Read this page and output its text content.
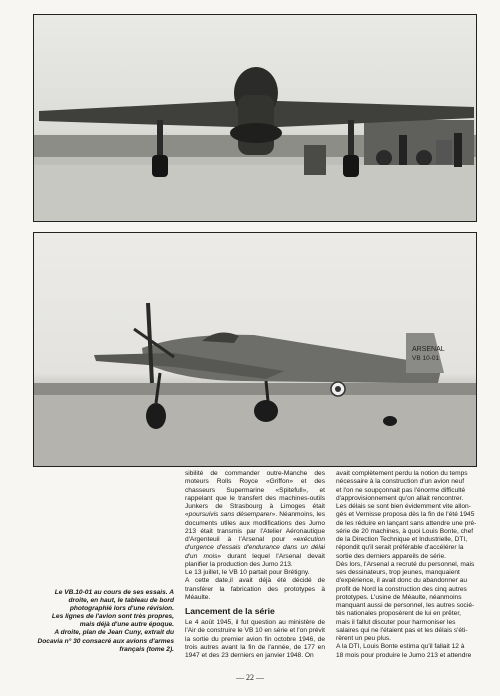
ARSENAL
VB 10-01

Le VB.10-01 au cours de ses essais. A

droite, en haut, le tableau de bord

photographié lors d'une révision.

Les lignes de l'avion sont très propres,

mais déjà d'une autre époque.

A droite, plan de Jean Cuny, extrait du

Docavia n° 30 consacré aux avions d'armes

français (tome 2).

sibilité de commander outre-Manche des moteurs Rolls Royce «Griffon» et des chasseurs Supermarine «Spitefull», et rappelant que le transfert des machines-outils Junkers de Strasbourg à Limoges était «poursuivis sans désemparer». Néanmoins, les documents utiles aux modifications des Jumo 213 était transmis par l'Atelier Aéronautique d'Argenteuil à l'Arsenal pour «exécution d'urgence d'essais d'endurance dans un délai d'un mois» durant lequel l'Arsenal devait planifier la production des Jumo 213.

Le 13 juillet, le VB 10 partait pour Brétigny.

A cette date,il avait déjà été décidé de transférer la fabrication des prototypes à Méaulte.

Lancement de la série

Le 4 août 1945, il fut question au ministère de l'Air de construire le VB 10 en série et l'on prévit la sortie du premier avion fin octobre 1946, de trois autres avant la fin de l'année, de 177 en 1947 et des 23 derniers en janvier 1948. On

avait complètement perdu la notion du temps

nécessaire à la construction d'un avion neuf

et l'on ne soupçonnait pas l'énorme difficulté

d'approvisionnement qu'on allait rencontrer.

Les délais se sont bien évidemment vite allon-

gés et Vernisse proposa dès la fin de l'été 1945

de les réduire en lançant sans attendre une pré-

série de 20 machines, à quoi Louis Bonte, chef

de la Direction Technique et Industrielle, DTI,

répondit qu'il serait préférable d'accélérer la

sortie des derniers appareils de série.

Dès lors, l'Arsenal a recruté du personnel, mais

ses dessinateurs, trop jeunes, manquaient

d'expérience, il avait donc du abandonner au

profit de Nord la construction des cinq autres

prototypes. L'usine de Méaulte, néanmoins

manquant aussi de personnel, les autres socié-

tés nationales proposèrent de lui en prêter,

mais il fallut discuter pour harmoniser les

salaires qui ne l'étaient pas et les délais s'éti-

rèrent un peu plus.

A la DTI, Louis Bonte estima qu'il fallait 12 à

18 mois pour produire le Jumo 213 et attendre

— 22 —
